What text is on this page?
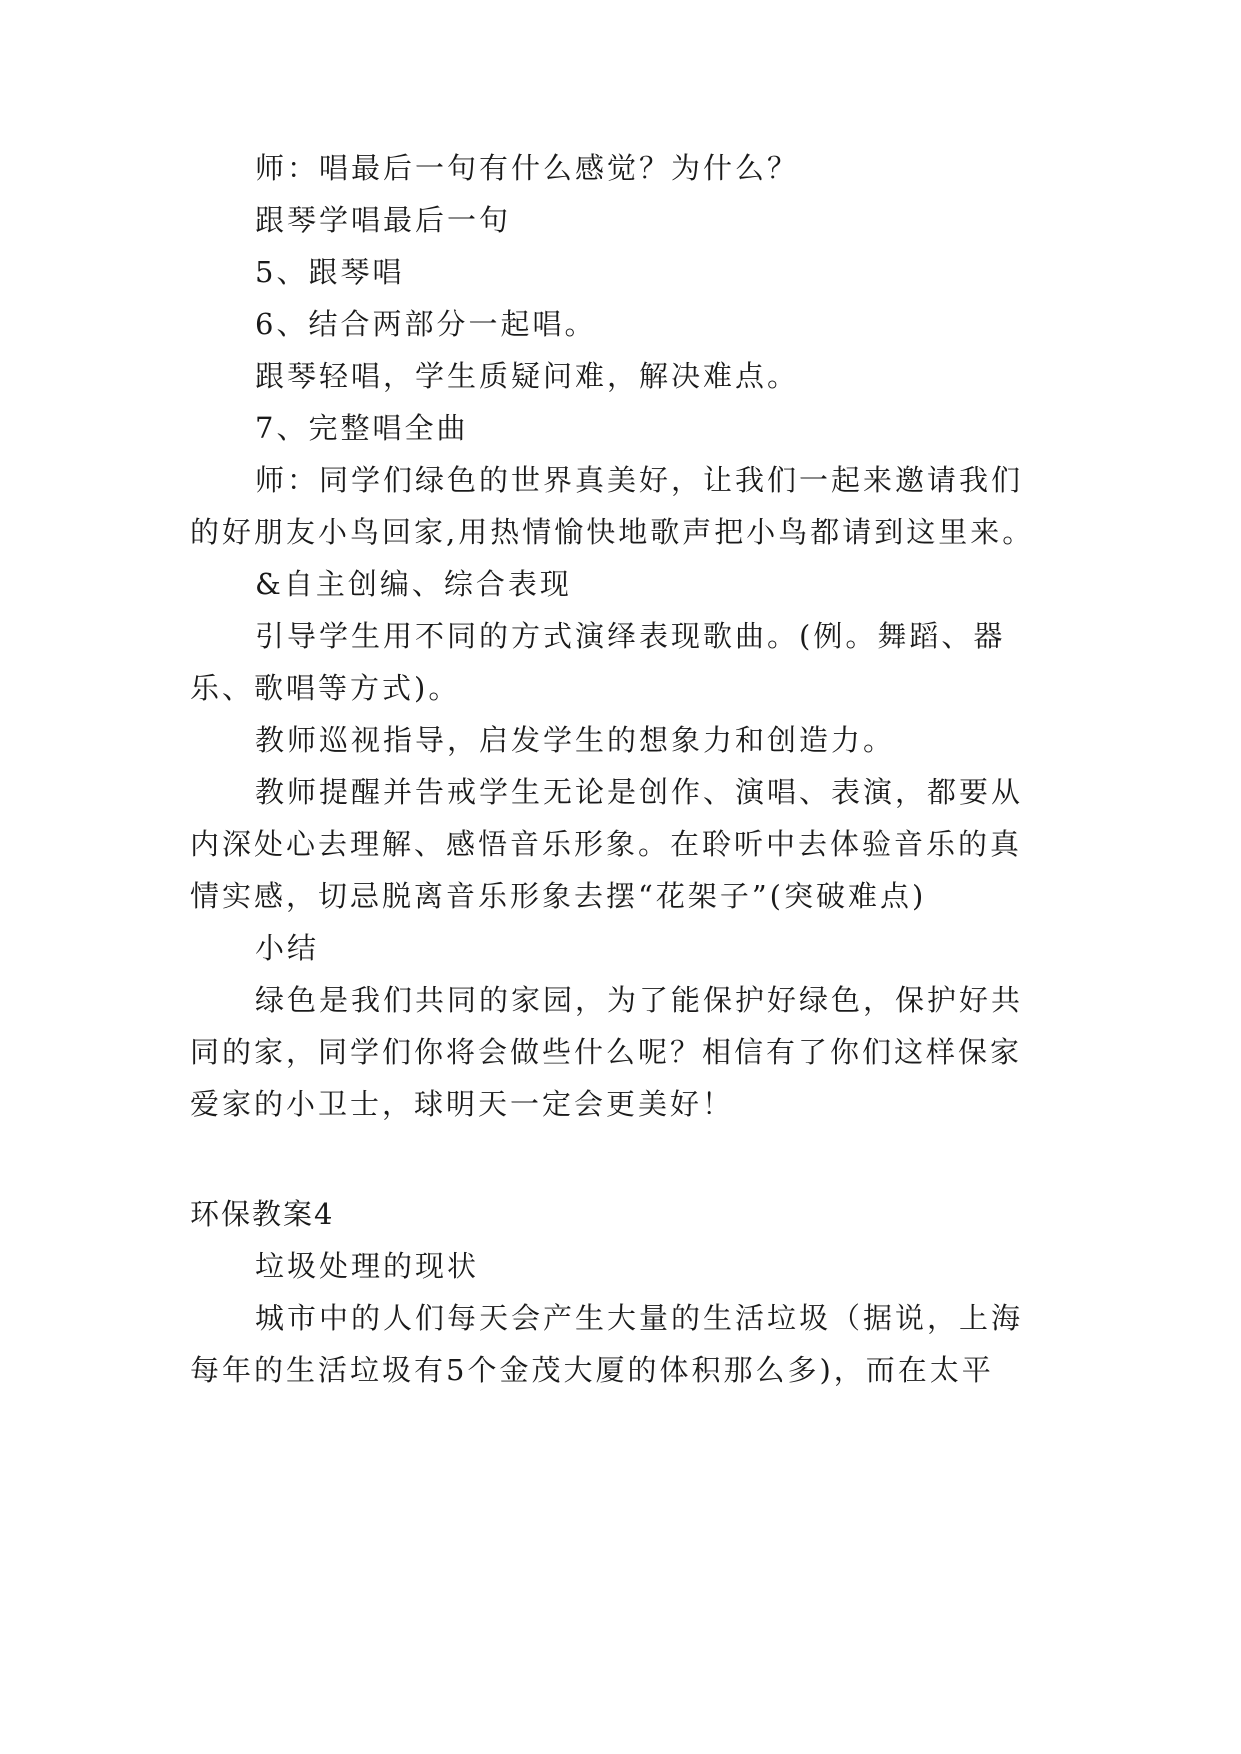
师：唱最后一句有什么感觉？为什么？
跟琴学唱最后一句
5、跟琴唱
6、结合两部分一起唱。
跟琴轻唱，学生质疑问难，解决难点。
7、完整唱全曲
师：同学们绿色的世界真美好，让我们一起来邀请我们
的好朋友小鸟回家,用热情愉快地歌声把小鸟都请到这里来。
&自主创编、综合表现
引导学生用不同的方式演绎表现歌曲。(例。舞蹈、器
乐、歌唱等方式)。
教师巡视指导，启发学生的想象力和创造力。
教师提醒并告戒学生无论是创作、演唱、表演，都要从
内深处心去理解、感悟音乐形象。在聆听中去体验音乐的真
情实感，切忌脱离音乐形象去摆“花架子”(突破难点)
小结
绿色是我们共同的家园，为了能保护好绿色，保护好共
同的家，同学们你将会做些什么呢？相信有了你们这样保家
爱家的小卫士，球明天一定会更美好！
环保教案4
垃圾处理的现状
城市中的人们每天会产生大量的生活垃圾（据说，上海
每年的生活垃圾有5个金茂大厦的体积那么多)，而在太平
